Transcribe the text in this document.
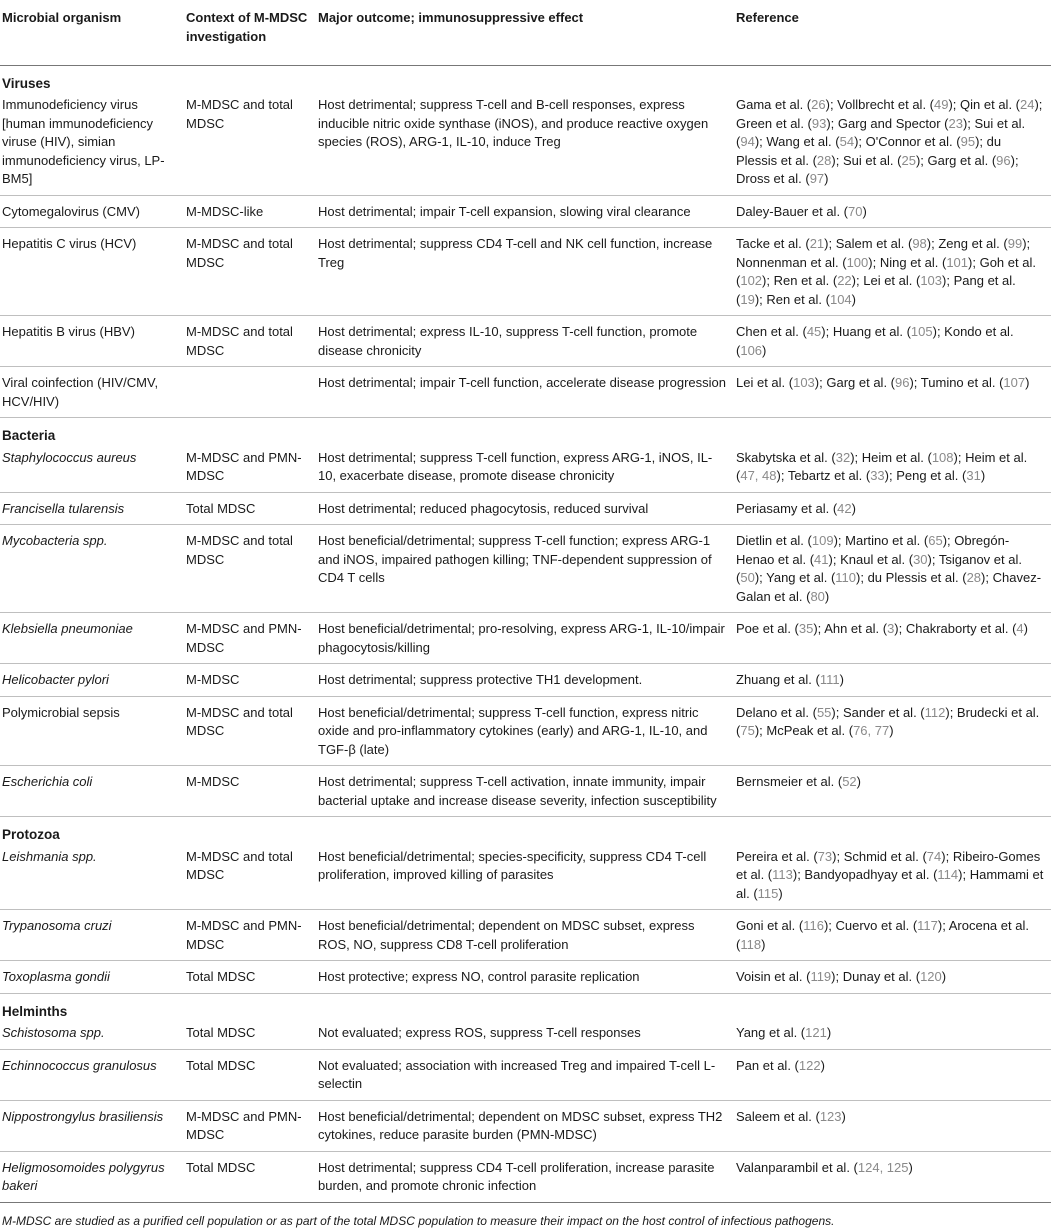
Microbial organism	Context of M-MDSC investigation	Major outcome; immunosuppressive effect	Reference
Viruses			
Immunodeficiency virus [human immunodeficiency viruse (HIV), simian immunodeficiency virus, LP-BM5]	M-MDSC and total MDSC	Host detrimental; suppress T-cell and B-cell responses, express inducible nitric oxide synthase (iNOS), and produce reactive oxygen species (ROS), ARG-1, IL-10, induce Treg	Gama et al. (26); Vollbrecht et al. (49); Qin et al. (24); Green et al. (93); Garg and Spector (23); Sui et al. (94); Wang et al. (54); O'Connor et al. (95); du Plessis et al. (28); Sui et al. (25); Garg et al. (96); Dross et al. (97)
Cytomegalovirus (CMV)	M-MDSC-like	Host detrimental; impair T-cell expansion, slowing viral clearance	Daley-Bauer et al. (70)
Hepatitis C virus (HCV)	M-MDSC and total MDSC	Host detrimental; suppress CD4 T-cell and NK cell function, increase Treg	Tacke et al. (21); Salem et al. (98); Zeng et al. (99); Nonnenman et al. (100); Ning et al. (101); Goh et al. (102); Ren et al. (22); Lei et al. (103); Pang et al. (19); Ren et al. (104)
Hepatitis B virus (HBV)	M-MDSC and total MDSC	Host detrimental; express IL-10, suppress T-cell function, promote disease chronicity	Chen et al. (45); Huang et al. (105); Kondo et al. (106)
Viral coinfection (HIV/CMV, HCV/HIV)		Host detrimental; impair T-cell function, accelerate disease progression	Lei et al. (103); Garg et al. (96); Tumino et al. (107)
Bacteria			
Staphylococcus aureus	M-MDSC and PMN-MDSC	Host detrimental; suppress T-cell function, express ARG-1, iNOS, IL-10, exacerbate disease, promote disease chronicity	Skabytska et al. (32); Heim et al. (108); Heim et al. (47, 48); Tebartz et al. (33); Peng et al. (31)
Francisella tularensis	Total MDSC	Host detrimental; reduced phagocytosis, reduced survival	Periasamy et al. (42)
Mycobacteria spp.	M-MDSC and total MDSC	Host beneficial/detrimental; suppress T-cell function; express ARG-1 and iNOS, impaired pathogen killing; TNF-dependent suppression of CD4 T cells	Dietlin et al. (109); Martino et al. (65); Obregón-Henao et al. (41); Knaul et al. (30); Tsiganov et al. (50); Yang et al. (110); du Plessis et al. (28); Chavez-Galan et al. (80)
Klebsiella pneumoniae	M-MDSC and PMN-MDSC	Host beneficial/detrimental; pro-resolving, express ARG-1, IL-10/impair phagocytosis/killing	Poe et al. (35); Ahn et al. (3); Chakraborty et al. (4)
Helicobacter pylori	M-MDSC	Host detrimental; suppress protective TH1 development.	Zhuang et al. (111)
Polymicrobial sepsis	M-MDSC and total MDSC	Host beneficial/detrimental; suppress T-cell function, express nitric oxide and pro-inflammatory cytokines (early) and ARG-1, IL-10, and TGF-β (late)	Delano et al. (55); Sander et al. (112); Brudecki et al. (75); McPeak et al. (76, 77)
Escherichia coli	M-MDSC	Host detrimental; suppress T-cell activation, innate immunity, impair bacterial uptake and increase disease severity, infection susceptibility	Bernsmeier et al. (52)
Protozoa			
Leishmania spp.	M-MDSC and total MDSC	Host beneficial/detrimental; species-specificity, suppress CD4 T-cell proliferation, improved killing of parasites	Pereira et al. (73); Schmid et al. (74); Ribeiro-Gomes et al. (113); Bandyopadhyay et al. (114); Hammami et al. (115)
Trypanosoma cruzi	M-MDSC and PMN-MDSC	Host beneficial/detrimental; dependent on MDSC subset, express ROS, NO, suppress CD8 T-cell proliferation	Goni et al. (116); Cuervo et al. (117); Arocena et al. (118)
Toxoplasma gondii	Total MDSC	Host protective; express NO, control parasite replication	Voisin et al. (119); Dunay et al. (120)
Helminths			
Schistosoma spp.	Total MDSC	Not evaluated; express ROS, suppress T-cell responses	Yang et al. (121)
Echinnococcus granulosus	Total MDSC	Not evaluated; association with increased Treg and impaired T-cell L-selectin	Pan et al. (122)
Nippostrongylus brasiliensis	M-MDSC and PMN-MDSC	Host beneficial/detrimental; dependent on MDSC subset, express TH2 cytokines, reduce parasite burden (PMN-MDSC)	Saleem et al. (123)
Heligmosomoides polygyrus bakeri	Total MDSC	Host detrimental; suppress CD4 T-cell proliferation, increase parasite burden, and promote chronic infection	Valanparambil et al. (124, 125)
M-MDSC are studied as a purified cell population or as part of the total MDSC population to measure their impact on the host control of infectious pathogens.
